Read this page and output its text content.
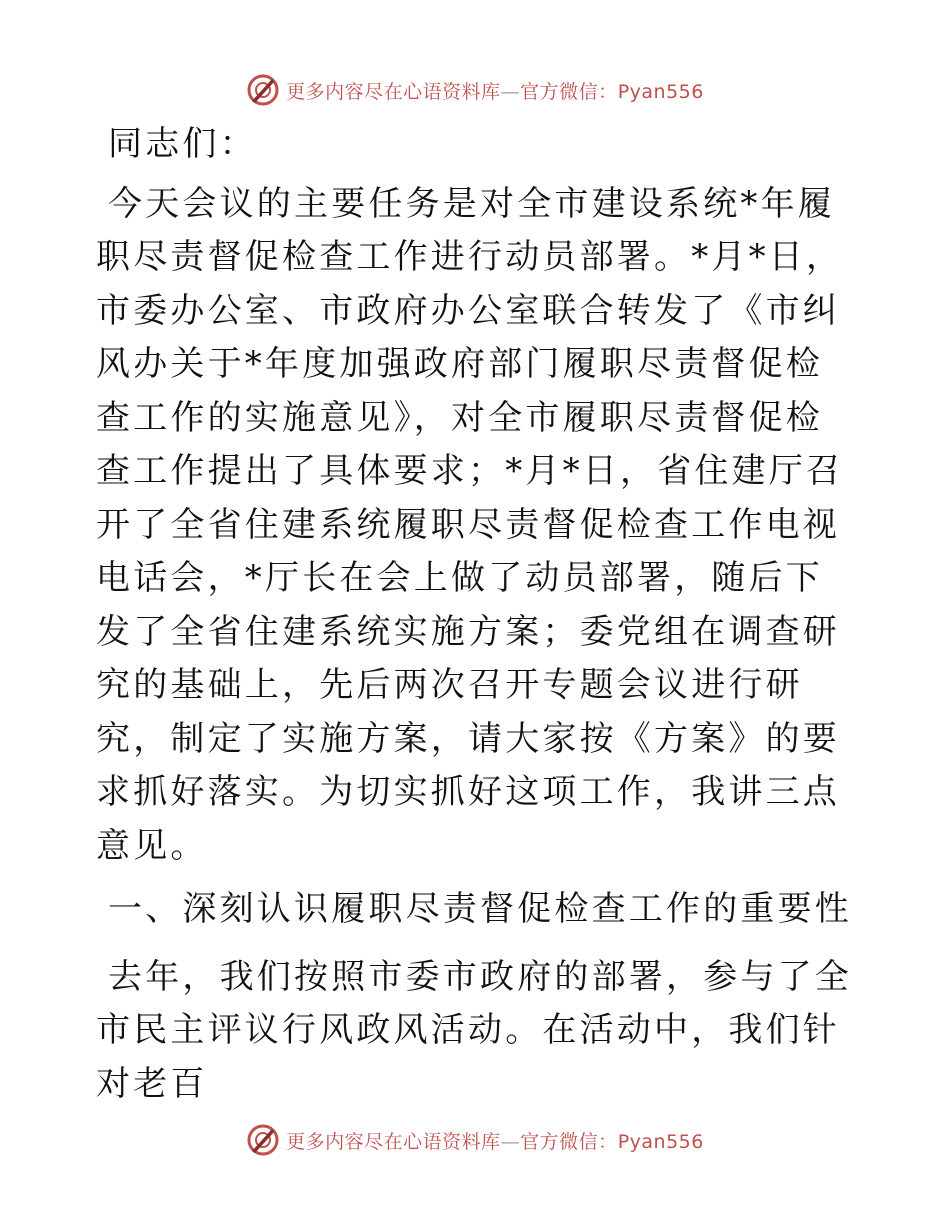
更多内容尽在心语资料库—官方微信：Pyan556

同志们：

今天会议的主要任务是对全市建设系统*年履职尽责督促检查工作进行动员部署。*月*日，市委办公室、市政府办公室联合转发了《市纠风办关于*年度加强政府部门履职尽责督促检查工作的实施意见》，对全市履职尽责督促检查工作提出了具体要求；*月*日，省住建厅召开了全省住建系统履职尽责督促检查工作电视电话会，*厅长在会上做了动员部署，随后下发了全省住建系统实施方案；委党组在调查研究的基础上，先后两次召开专题会议进行研究，制定了实施方案，请大家按《方案》的要求抓好落实。为切实抓好这项工作，我讲三点意见。

一、深刻认识履职尽责督促检查工作的重要性

去年，我们按照市委市政府的部署，参与了全市民主评议行风政风活动。在活动中，我们针对老百

更多内容尽在心语资料库—官方微信：Pyan556
